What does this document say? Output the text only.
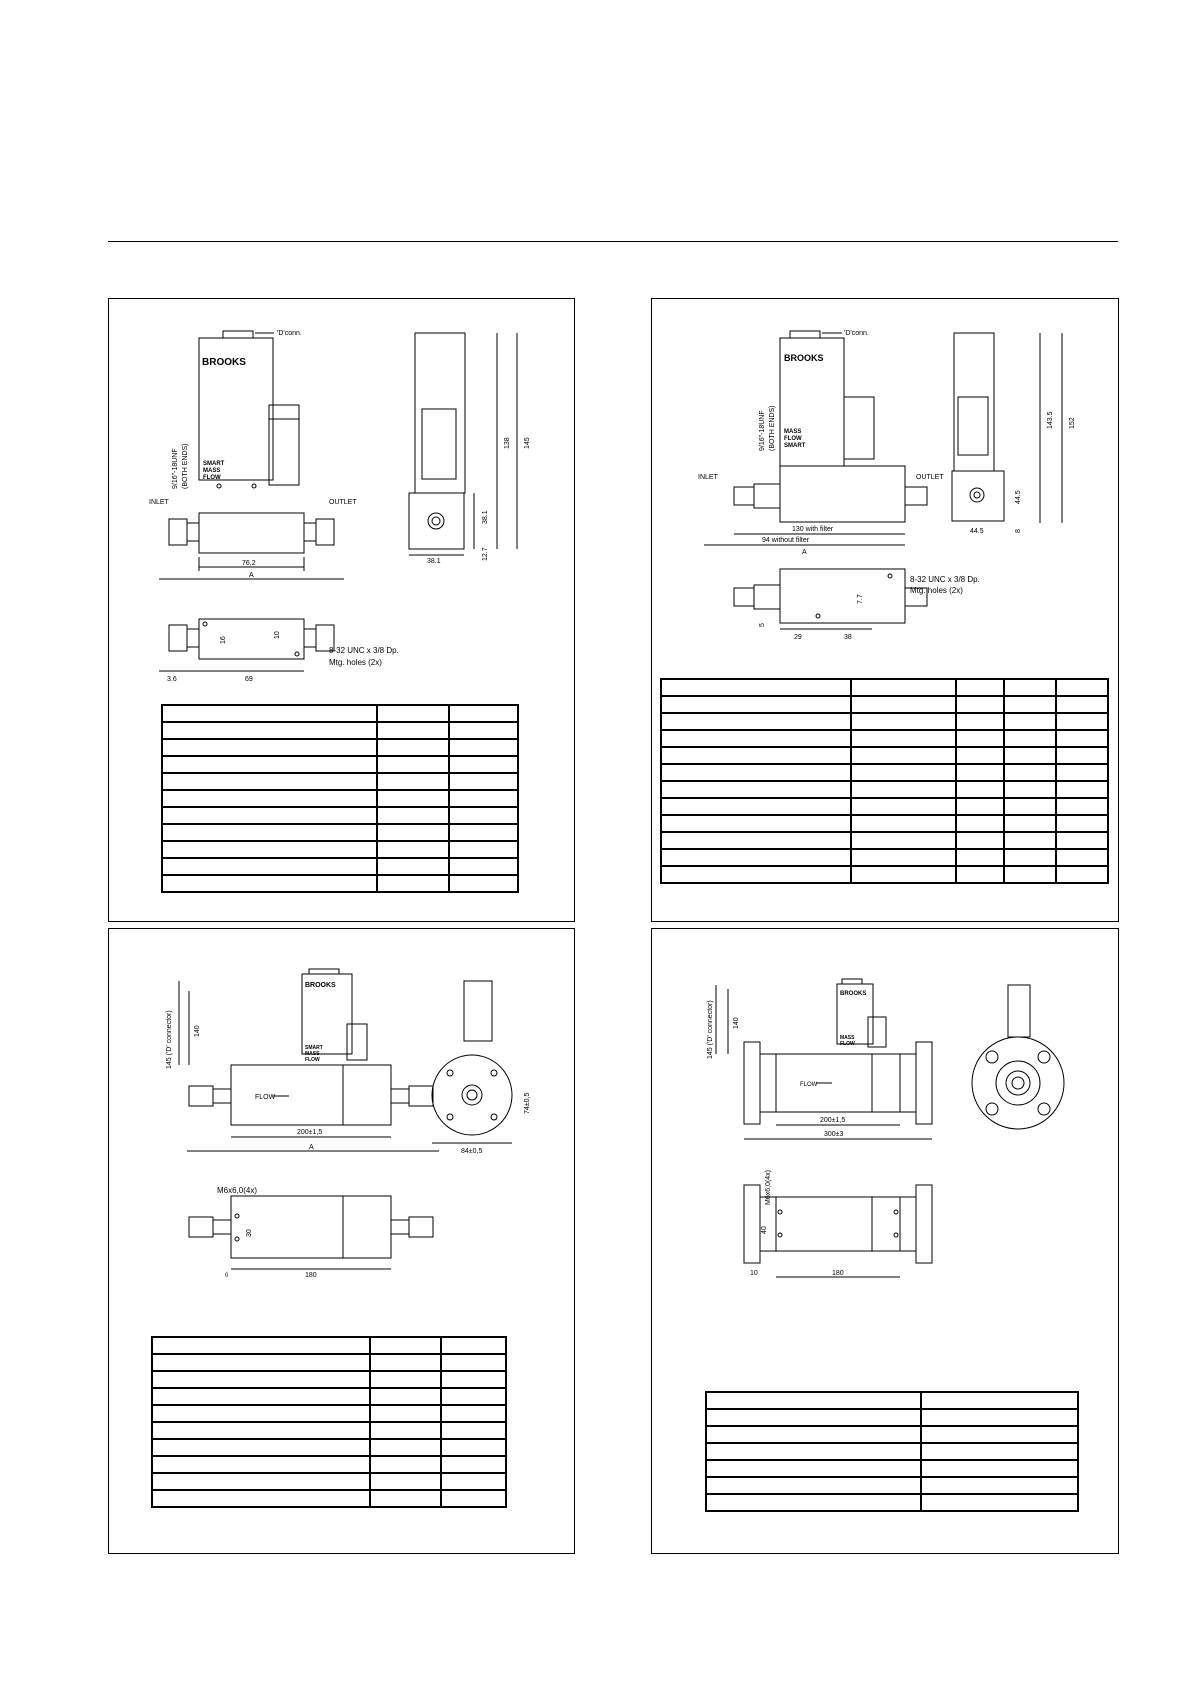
'D'conn.
BROOKS
SMART
MASS
FLOW
INLET	OUTLET
9/16"-18UNF (BOTH ENDS)
76,2
A
38.1
38.1
12.7
138 145
16
10
8-32 UNC x 3/8 Dp.
Mtg. holes (2x)
3.6	69

'D'conn.
BROOKS
MASS
FLOW
SMART
INLET	OUTLET
9/16"-18UNF (BOTH ENDS)
130 with filter
94 without filter
A
44.5
44.5
8
143.5 152
8-32 UNC x 3/8 Dp.
Mtg. holes (2x)
7.7
5
29	38

BROOKS
SMART
MASS
FLOW
FLOW
145 ('D' connector)	140
200±1,5
A
84±0,5
74±0,5
M6x6,0(4x)
30
0	180

BROOKS
MASS
FLOW
FLOW
145 ('D' connector)	140
200±1,5
300±3
M6x6,0(4x)
40
10	180
